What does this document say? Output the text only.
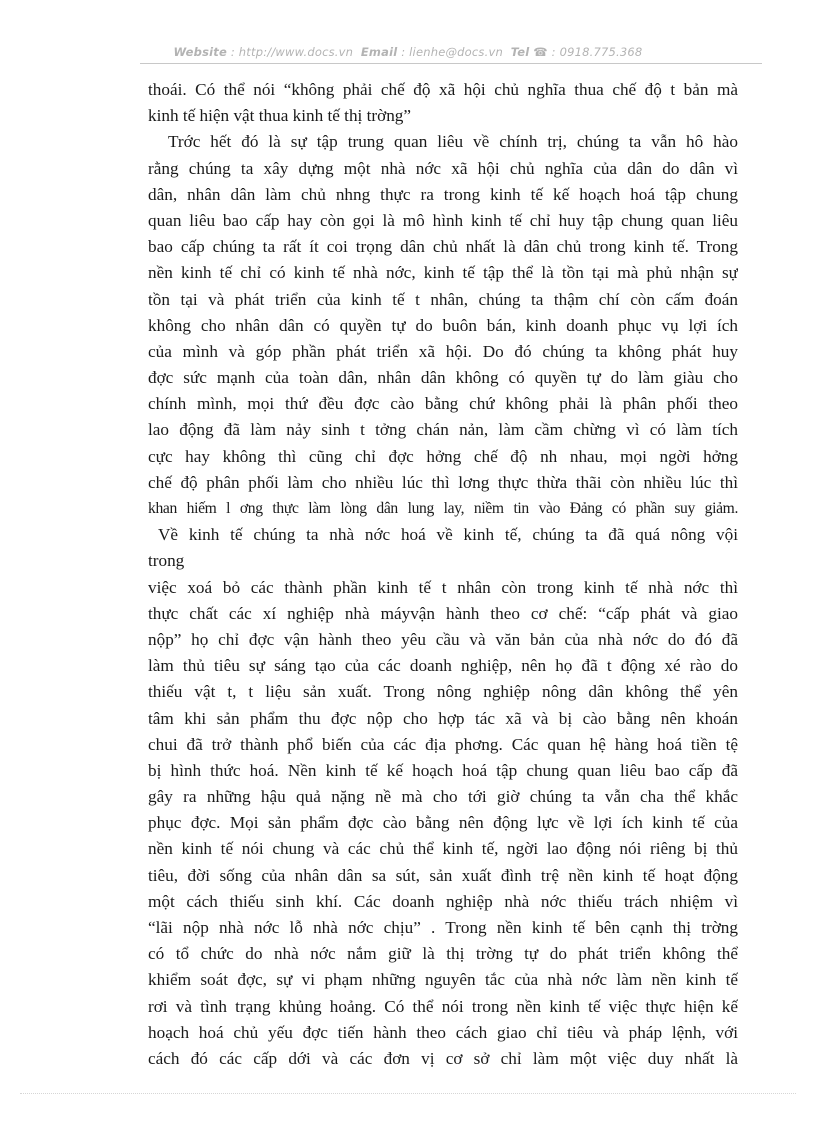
Website : http://www.docs.vn Email : lienhe@docs.vn Tel ☎ : 0918.775.368
thoái. Có thể nói “không phải chế độ xã hội chủ nghĩa thua chế độ t bản mà
kinh tế hiện vật thua kinh tế thị trờng”
Trớc hết đó là sự tập trung quan liêu về chính trị, chúng ta vẫn hô hào
rằng chúng ta xây dựng một nhà nớc xã hội chủ nghĩa của dân do dân vì
dân, nhân dân làm chủ nhng thực ra trong kinh tế kế hoạch hoá tập chung
quan liêu bao cấp hay còn gọi là mô hình kinh tế chỉ huy tập chung quan liêu
bao cấp chúng ta rất ít coi trọng dân chủ nhất là dân chủ trong kinh tế. Trong
nền kinh tế chỉ có kinh tế nhà nớc, kinh tế tập thể là tồn tại mà phủ nhận sự
tồn tại và phát triển của kinh tế t nhân, chúng ta thậm chí còn cấm đoán
không cho nhân dân có quyền tự do buôn bán, kinh doanh phục vụ lợi ích
của mình và góp phần phát triển xã hội. Do đó chúng ta không phát huy
đợc sức mạnh của toàn dân, nhân dân không có quyền tự do làm giàu cho
chính mình, mọi thứ đều đợc cào bằng chứ không phải là phân phối theo
lao động đã làm nảy sinh t tởng chán nản, làm cầm chừng vì có làm tích
cực hay không thì cũng chỉ đợc hởng chế độ nh nhau, mọi ngời hởng
chế độ phân phối làm cho nhiều lúc thì lơng thực thừa thãi còn nhiều lúc thì
khan hiếm l ơng thực làm lòng dân lung lay, niềm tin vào Đảng có phần suy giảm.
Về kinh tế chúng ta nhà nớc hoá về kinh tế, chúng ta đã quá nông vội
trong
việc xoá bỏ các thành phần kinh tế t nhân còn trong kinh tế nhà nớc thì
thực chất các xí nghiệp nhà máyvận hành theo cơ chế: “cấp phát và giao
nộp” họ chỉ đợc vận hành theo yêu cầu và văn bản của nhà nớc do đó đã
làm thủ tiêu sự sáng tạo của các doanh nghiệp, nên họ đã t động xé rào do
thiếu vật t, t liệu sản xuất. Trong nông nghiệp nông dân không thể yên
tâm khi sản phẩm thu đợc nộp cho hợp tác xã và bị cào bằng nên khoán
chui đã trở thành phổ biến của các địa phơng. Các quan hệ hàng hoá tiền tệ
bị hình thức hoá. Nền kinh tế kế hoạch hoá tập chung quan liêu bao cấp đã
gây ra những hậu quả nặng nề mà cho tới giờ chúng ta vẫn cha thể khắc
phục đợc. Mọi sản phẩm đợc cào bằng nên động lực về lợi ích kinh tế của
nền kinh tế nói chung và các chủ thể kinh tế, ngời lao động nói riêng bị thủ
tiêu, đời sống của nhân dân sa sút, sản xuất đình trệ nền kinh tế hoạt động
một cách thiếu sinh khí. Các doanh nghiệp nhà nớc thiếu trách nhiệm vì
“lãi nộp nhà nớc lỗ nhà nớc chịu” . Trong nền kinh tế bên cạnh thị trờng
có tổ chức do nhà nớc nắm giữ là thị trờng tự do phát triển không thể
khiểm soát đợc, sự vi phạm những nguyên tắc của nhà nớc làm nền kinh tế
rơi và tình trạng khủng hoảng. Có thể nói trong nền kinh tế việc thực hiện kế
hoạch hoá chủ yếu đợc tiến hành theo cách giao chỉ tiêu và pháp lệnh, với
cách đó các cấp dới và các đơn vị cơ sở chỉ làm một việc duy nhất là
